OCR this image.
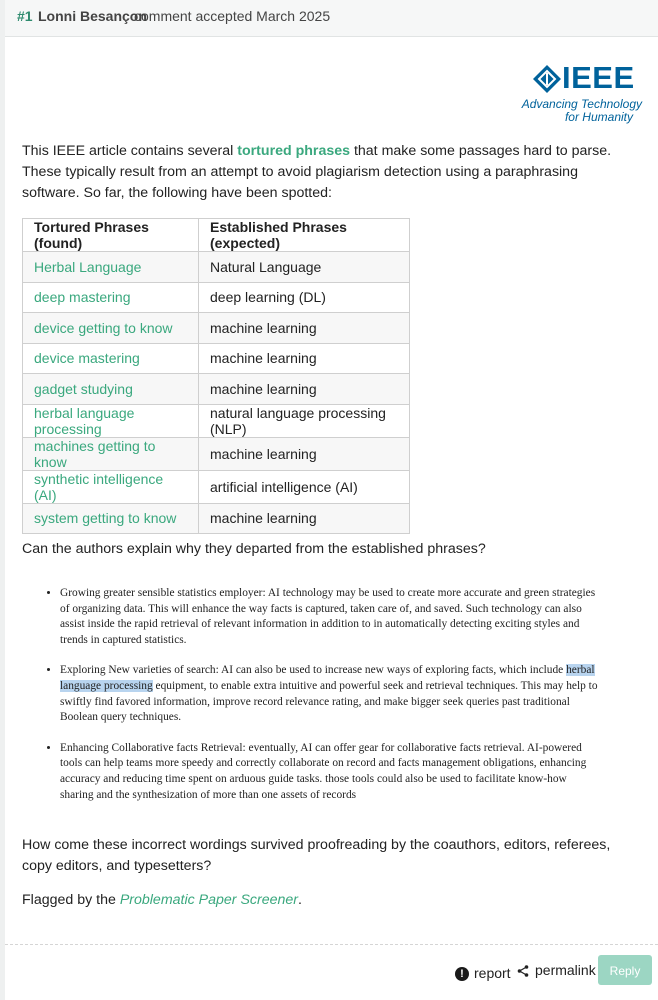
#1 Lonni Besançon
comment accepted March 2025
IEEE
Advancing Technology
for Humanity
This IEEE article contains several tortured phrases that make some passages hard to parse. These typically result from an attempt to avoid plagiarism detection using a paraphrasing software. So far, the following have been spotted:
Tortured Phrases (found)	Established Phrases (expected)
Herbal Language	Natural Language
deep mastering	deep learning (DL)
device getting to know	machine learning
device mastering	machine learning
gadget studying	machine learning
herbal language processing	natural language processing (NLP)
machines getting to know	machine learning
synthetic intelligence (AI)	artificial intelligence (AI)
system getting to know	machine learning
Can the authors explain why they departed from the established phrases?
• Growing greater sensible statistics employer: AI technology may be used to create more accurate and green strategies of organizing data. This will enhance the way facts is captured, taken care of, and saved. Such technology can also assist inside the rapid retrieval of relevant information in addition to in automatically detecting exciting styles and trends in captured statistics.
• Exploring New varieties of search: AI can also be used to increase new ways of exploring facts, which include herbal language processing equipment, to enable extra intuitive and powerful seek and retrieval techniques. This may help to swiftly find favored information, improve record relevance rating, and make bigger seek queries past traditional Boolean query techniques.
• Enhancing Collaborative facts Retrieval: eventually, AI can offer gear for collaborative facts retrieval. AI-powered tools can help teams more speedy and correctly collaborate on record and facts management obligations, enhancing accuracy and reducing time spent on arduous guide tasks. those tools could also be used to facilitate know-how sharing and the synthesization of more than one assets of records
How come these incorrect wordings survived proofreading by the coauthors, editors, referees, copy editors, and typesetters?
Flagged by the Problematic Paper Screener.
! report	permalink	Reply
